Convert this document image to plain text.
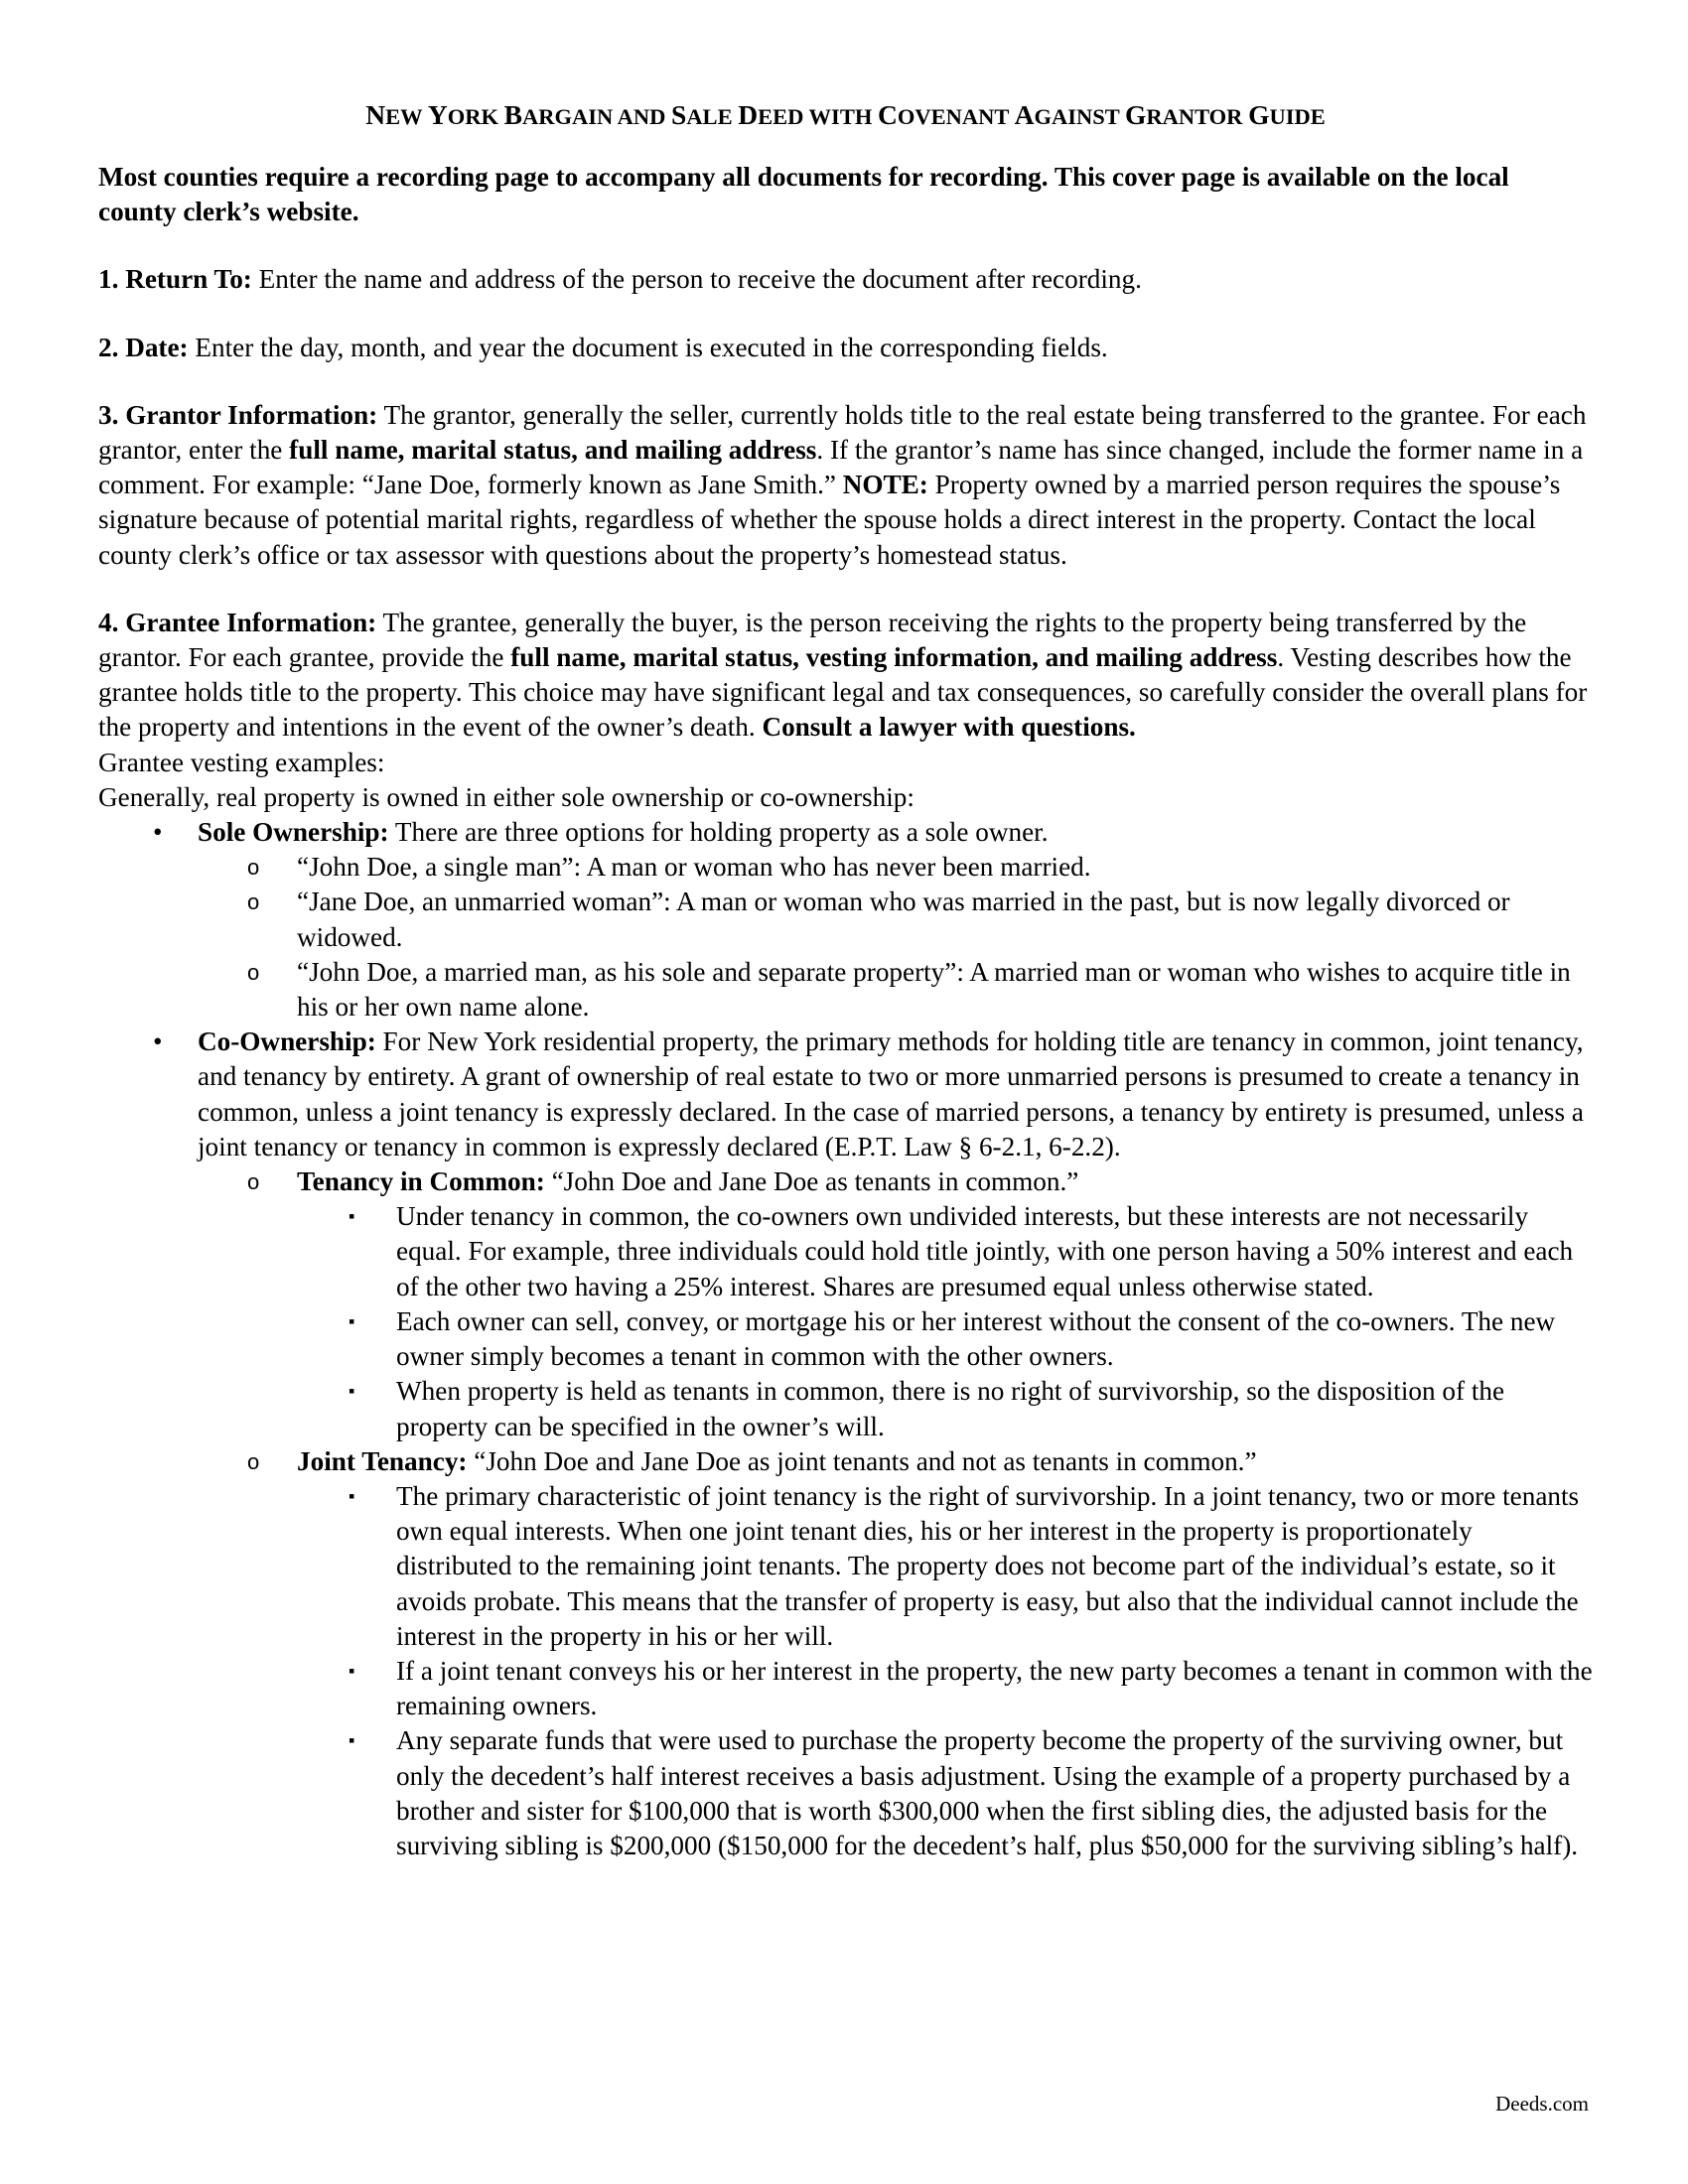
NEW YORK BARGAIN AND SALE DEED WITH COVENANT AGAINST GRANTOR GUIDE

Most counties require a recording page to accompany all documents for recording. This cover page is available on the local county clerk’s website.

1. Return To: Enter the name and address of the person to receive the document after recording.

2. Date: Enter the day, month, and year the document is executed in the corresponding fields.

3. Grantor Information: The grantor, generally the seller, currently holds title to the real estate being transferred to the grantee. For each grantor, enter the full name, marital status, and mailing address. If the grantor’s name has since changed, include the former name in a comment. For example: “Jane Doe, formerly known as Jane Smith.” NOTE: Property owned by a married person requires the spouse’s signature because of potential marital rights, regardless of whether the spouse holds a direct interest in the property. Contact the local county clerk’s office or tax assessor with questions about the property’s homestead status.

4. Grantee Information: The grantee, generally the buyer, is the person receiving the rights to the property being transferred by the grantor. For each grantee, provide the full name, marital status, vesting information, and mailing address. Vesting describes how the grantee holds title to the property. This choice may have significant legal and tax consequences, so carefully consider the overall plans for the property and intentions in the event of the owner’s death. Consult a lawyer with questions.

Grantee vesting examples:

Generally, real property is owned in either sole ownership or co-ownership:

• Sole Ownership: There are three options for holding property as a sole owner.
o “John Doe, a single man”: A man or woman who has never been married.
o “Jane Doe, an unmarried woman”: A man or woman who was married in the past, but is now legally divorced or widowed.
o “John Doe, a married man, as his sole and separate property”: A married man or woman who wishes to acquire title in his or her own name alone.
• Co-Ownership: For New York residential property, the primary methods for holding title are tenancy in common, joint tenancy, and tenancy by entirety. A grant of ownership of real estate to two or more unmarried persons is presumed to create a tenancy in common, unless a joint tenancy is expressly declared. In the case of married persons, a tenancy by entirety is presumed, unless a joint tenancy or tenancy in common is expressly declared (E.P.T. Law § 6-2.1, 6-2.2).
o Tenancy in Common: “John Doe and Jane Doe as tenants in common.”
▪ Under tenancy in common, the co-owners own undivided interests, but these interests are not necessarily equal. For example, three individuals could hold title jointly, with one person having a 50% interest and each of the other two having a 25% interest. Shares are presumed equal unless otherwise stated.
▪ Each owner can sell, convey, or mortgage his or her interest without the consent of the co-owners. The new owner simply becomes a tenant in common with the other owners.
▪ When property is held as tenants in common, there is no right of survivorship, so the disposition of the property can be specified in the owner’s will.
o Joint Tenancy: “John Doe and Jane Doe as joint tenants and not as tenants in common.”
▪ The primary characteristic of joint tenancy is the right of survivorship. In a joint tenancy, two or more tenants own equal interests. When one joint tenant dies, his or her interest in the property is proportionately distributed to the remaining joint tenants. The property does not become part of the individual’s estate, so it avoids probate. This means that the transfer of property is easy, but also that the individual cannot include the interest in the property in his or her will.
▪ If a joint tenant conveys his or her interest in the property, the new party becomes a tenant in common with the remaining owners.
▪ Any separate funds that were used to purchase the property become the property of the surviving owner, but only the decedent’s half interest receives a basis adjustment. Using the example of a property purchased by a brother and sister for $100,000 that is worth $300,000 when the first sibling dies, the adjusted basis for the surviving sibling is $200,000 ($150,000 for the decedent’s half, plus $50,000 for the surviving sibling’s half).
Deeds.com
